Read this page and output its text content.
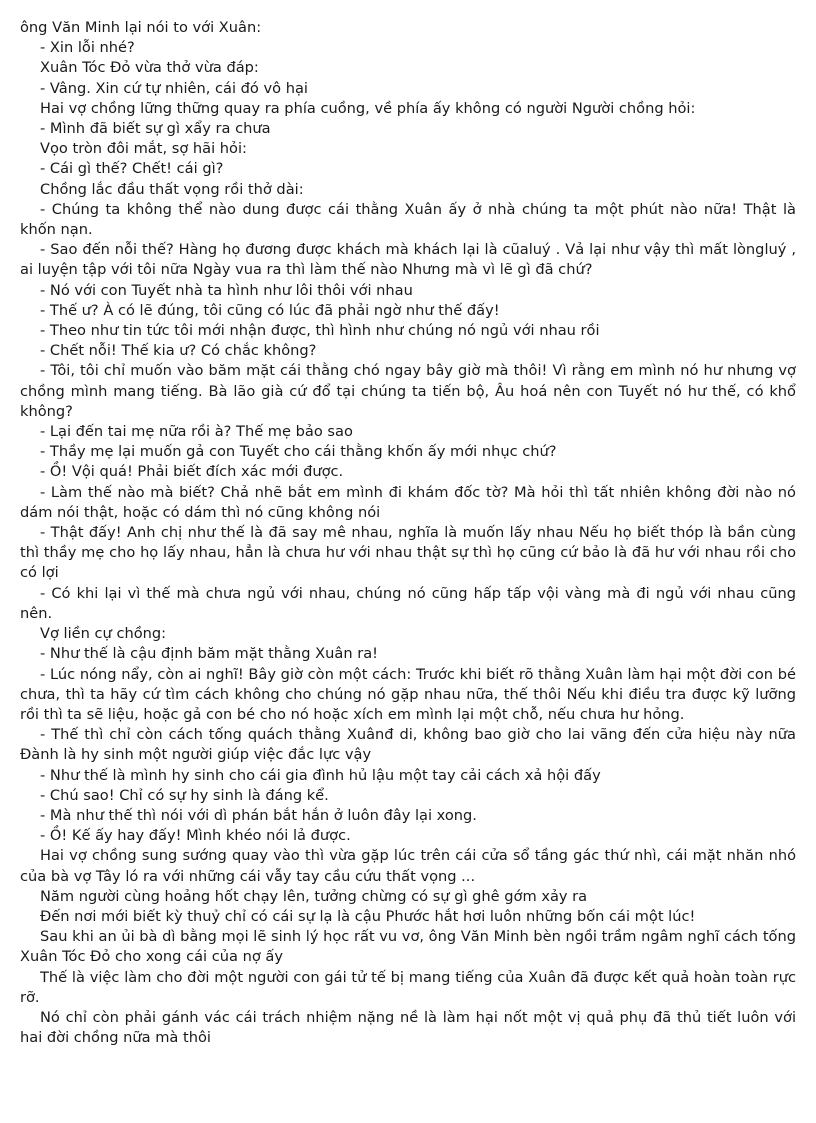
ông Văn Minh lại nói to với Xuân:

- Xin lỗi nhé?

Xuân Tóc Đỏ vừa thở vừa đáp:

- Vâng. Xin cứ tự nhiên, cái đó vô hại

Hai vợ chồng lững thững quay ra phía cuồng, về phía ấy không có người Người chồng hỏi:

- Mình đã biết sự gì xẩy ra chưa

Vọo tròn đôi mắt, sợ hãi hỏi:

- Cái gì thế? Chết! cái gì?

Chồng lắc đầu thất vọng rồi thở dài:

- Chúng ta không thể nào dung được cái thằng Xuân ấy ở nhà chúng ta một phút nào nữa! Thật là khốn nạn.

- Sao đến nỗi thế? Hàng họ đương được khách mà khách lại là cũaluý . Vả lại như vậy thì mất lòngluý , ai luyện tập với tôi nữa Ngày vua ra thì làm thế nào Nhưng mà vì lẽ gì đã chứ?

- Nó với con Tuyết nhà ta hình như lôi thôi với nhau

- Thế ư? À có lẽ đúng, tôi cũng có lúc đã phải ngờ như thế đấy!

- Theo như tin tức tôi mới nhận được, thì hình như chúng nó ngủ với nhau rồi

- Chết nỗi! Thế kia ư? Có chắc không?

- Tôi, tôi chỉ muốn vào băm mặt cái thằng chó ngay bây giờ mà thôi! Vì rằng em mình nó hư nhưng vợ chồng mình mang tiếng. Bà lão già cứ đổ tại chúng ta tiến bộ, Âu hoá nên con Tuyết nó hư thế, có khổ không?

- Lại đến tai mẹ nữa rồi à? Thế mẹ bảo sao

- Thầy mẹ lại muốn gả con Tuyết cho cái thằng khốn ấy mới nhục chứ?

- Ồ! Vội quá! Phải biết đích xác mới được.

- Làm thế nào mà biết? Chả nhẽ bắt em mình đi khám đốc tờ? Mà hỏi thì tất nhiên không đời nào nó dám nói thật, hoặc có dám thì nó cũng không nói

- Thật đấy! Anh chị như thế là đã say mê nhau, nghĩa là muốn lấy nhau Nếu họ biết thóp là bần cùng thì thầy mẹ cho họ lấy nhau, hẳn là chưa hư với nhau thật sự thì họ cũng cứ bảo là đã hư với nhau rồi cho có lợi

- Có khi lại vì thế mà chưa ngủ với nhau, chúng nó cũng hấp tấp vội vàng mà đi ngủ với nhau cũng nên.

Vợ liền cự chồng:

- Như thế là cậu định băm mặt thằng Xuân ra!

- Lúc nóng nẩy, còn ai nghĩ! Bây giờ còn một cách: Trước khi biết rõ thằng Xuân làm hại một đời con bé chưa, thì ta hãy cứ tìm cách không cho chúng nó gặp nhau nữa, thế thôi Nếu khi điều tra được kỹ lưỡng rồi thì ta sẽ liệu, hoặc gả con bé cho nó hoặc xích em mình lại một chỗ, nếu chưa hư hỏng.

- Thế thì chỉ còn cách tống quách thằng Xuânđ di, không bao giờ cho lai vãng đến cửa hiệu này nữa Đành là hy sinh một người giúp việc đắc lực vậy

- Như thế là mình hy sinh cho cái gia đình hủ lậu một tay cải cách xả hội đấy

- Chú sao! Chỉ có sự hy sinh là đáng kể.

- Mà như thế thì nói với dì phán bắt hắn ở luôn đây lại xong.

- Ồ! Kế ấy hay đấy! Mình khéo nói lả được.

Hai vợ chồng sung sướng quay vào thì vừa gặp lúc trên cái cửa sổ tầng gác thứ nhì, cái mặt nhăn nhó của bà vợ Tây ló ra với những cái vẫy tay cầu cứu thất vọng ...

Năm người cùng hoảng hốt chạy lên, tưởng chừng có sự gì ghê gớm xảy ra

Đến nơi mới biết kỳ thuỷ chỉ có cái sự lạ là cậu Phước hắt hơi luôn những bốn cái một lúc!

Sau khi an ủi bà dì bằng mọi lẽ sinh lý học rất vu vơ, ông Văn Minh bèn ngồi trầm ngâm nghĩ cách tống Xuân Tóc Đỏ cho xong cái của nợ ấy

Thế là việc làm cho đời một người con gái tử tế bị mang tiếng của Xuân đã được kết quả hoàn toàn rực rỡ.

Nó chỉ còn phải gánh vác cái trách nhiệm nặng nề là làm hại nốt một vị quả phụ đã thủ tiết luôn với hai đời chồng nữa mà thôi
